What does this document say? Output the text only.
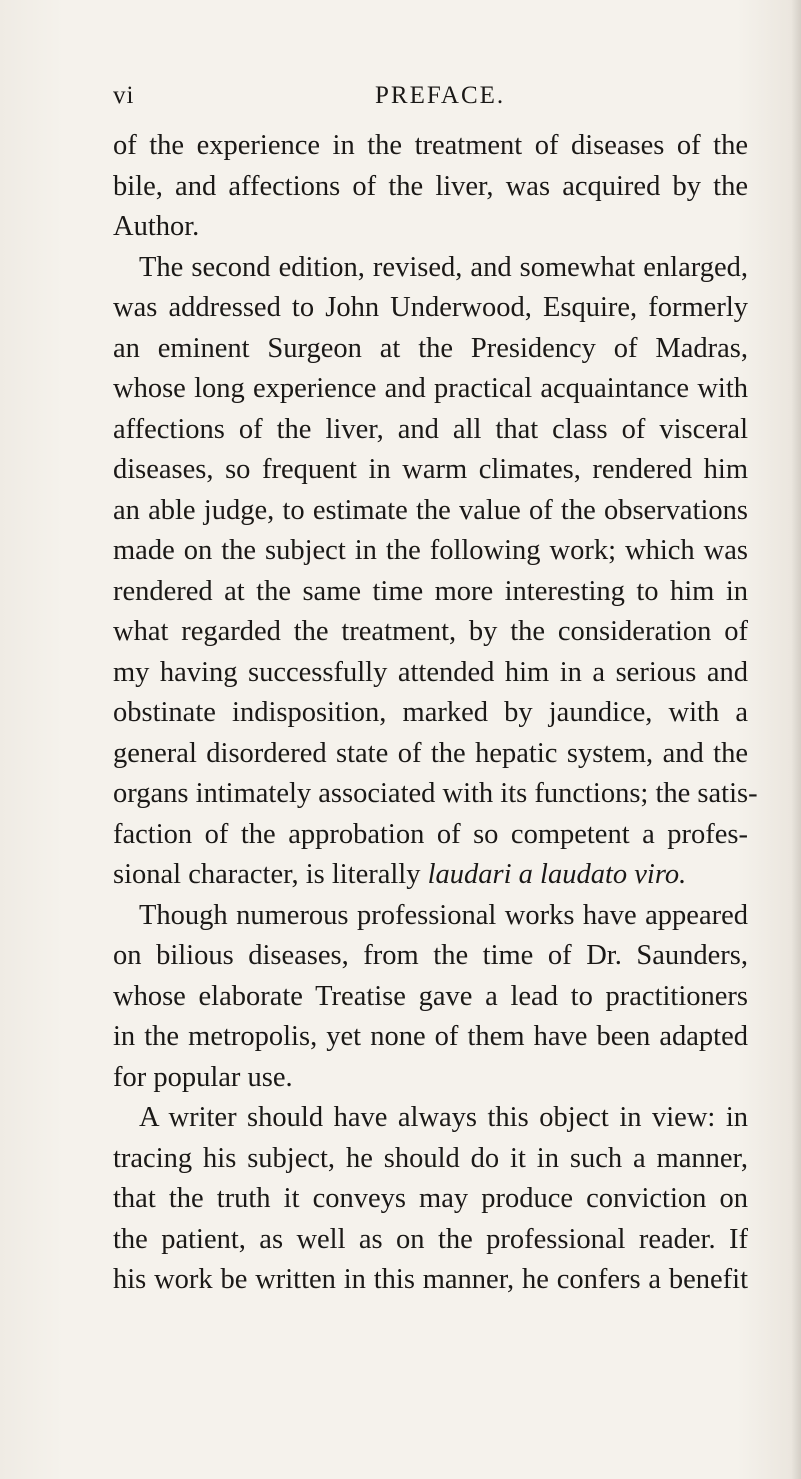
vi	PREFACE.
of the experience in the treatment of diseases of the
bile, and affections of the liver, was acquired by the
Author.
The second edition, revised, and somewhat enlarged,
was addressed to John Underwood, Esquire, formerly
an eminent Surgeon at the Presidency of Madras,
whose long experience and practical acquaintance with
affections of the liver, and all that class of visceral
diseases, so frequent in warm climates, rendered him
an able judge, to estimate the value of the observations
made on the subject in the following work; which was
rendered at the same time more interesting to him in
what regarded the treatment, by the consideration of
my having successfully attended him in a serious and
obstinate indisposition, marked by jaundice, with a
general disordered state of the hepatic system, and the
organs intimately associated with its functions; the satis-
faction of the approbation of so competent a profes-
sional character, is literally laudari a laudato viro.
Though numerous professional works have appeared
on bilious diseases, from the time of Dr. Saunders,
whose elaborate Treatise gave a lead to practitioners
in the metropolis, yet none of them have been adapted
for popular use.
A writer should have always this object in view: in
tracing his subject, he should do it in such a manner,
that the truth it conveys may produce conviction on
the patient, as well as on the professional reader. If
his work be written in this manner, he confers a benefit
